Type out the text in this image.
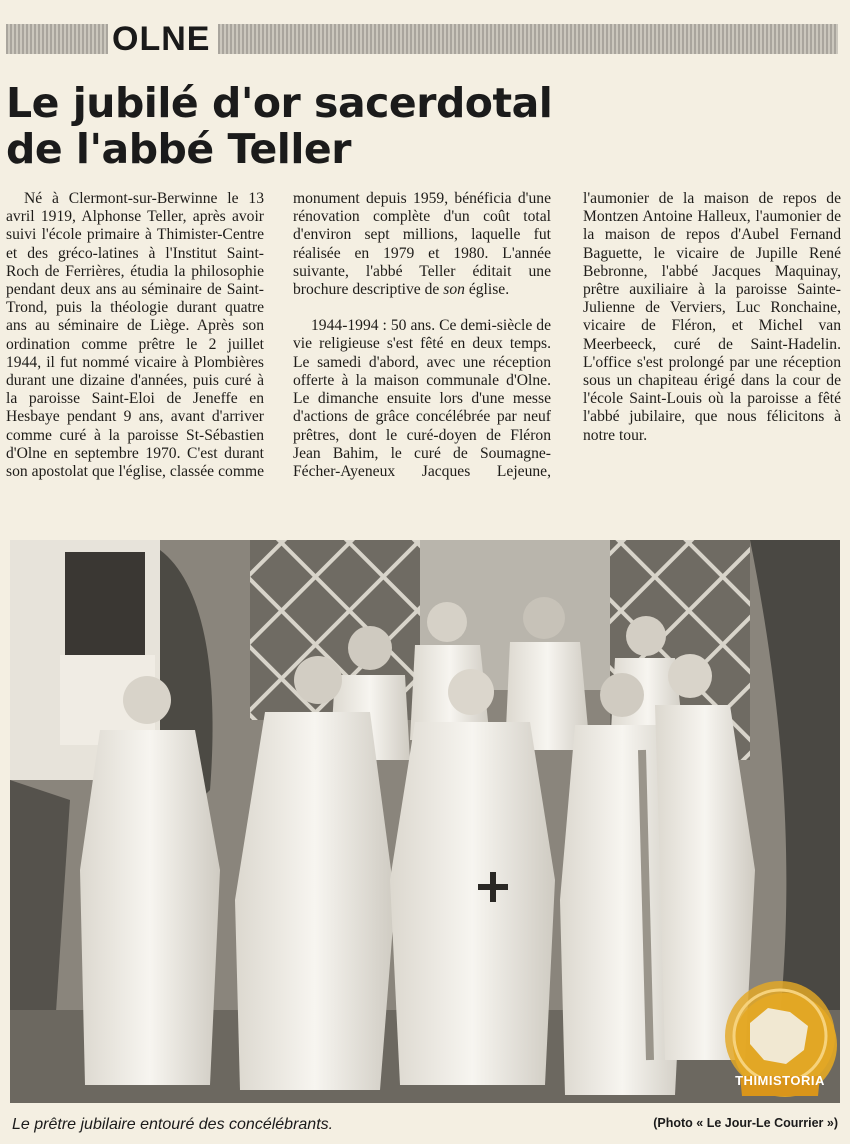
OLNE
Le jubilé d'or sacerdotal
de l'abbé Teller

Né à Clermont-sur-Berwinne le 13 avril 1919, Alphonse Teller, après avoir suivi l'école primaire à Thimister-Centre et des gréco-latines à l'Institut Saint-Roch de Ferrières, étudia la philosophie pendant deux ans au séminaire de Saint-Trond, puis la théologie durant quatre ans au séminaire de Liège. Après son ordination comme prêtre le 2 juillet 1944, il fut nommé vicaire à Plombières durant une dizaine d'années, puis curé à la paroisse Saint-Eloi de Jeneffe en Hesbaye pendant 9 ans, avant d'arriver comme curé à la paroisse St-Sébastien d'Olne en septembre 1970. C'est durant son apostolat que l'église, classée comme

monument depuis 1959, bénéficia d'une rénovation complète d'un coût total d'environ sept millions, laquelle fut réalisée en 1979 et 1980. L'année suivante, l'abbé Teller éditait une brochure descriptive de son église.

1944-1994 : 50 ans. Ce demi-siècle de vie religieuse s'est fêté en deux temps. Le samedi d'abord, avec une réception offerte à la maison communale d'Olne. Le dimanche ensuite lors d'une messe d'actions de grâce concélébrée par neuf prêtres, dont le curé-doyen de Fléron Jean Bahim, le curé de Soumagne-Fécher-Ayeneux Jacques Lejeune,

l'aumonier de la maison de repos de Montzen Antoine Halleux, l'aumonier de la maison de repos d'Aubel Fernand Baguette, le vicaire de Jupille René Bebronne, l'abbé Jacques Maquinay, prêtre auxiliaire à la paroisse Sainte-Julienne de Verviers, Luc Ronchaine, vicaire de Fléron, et Michel van Meerbeeck, curé de Saint-Hadelin. L'office s'est prolongé par une réception sous un chapiteau érigé dans la cour de l'école Saint-Louis où la paroisse a fêté l'abbé jubilaire, que nous félicitons à notre tour.

THIMISTORIA
Le prêtre jubilaire entouré des concélébrants.	(Photo « Le Jour-Le Courrier »)
